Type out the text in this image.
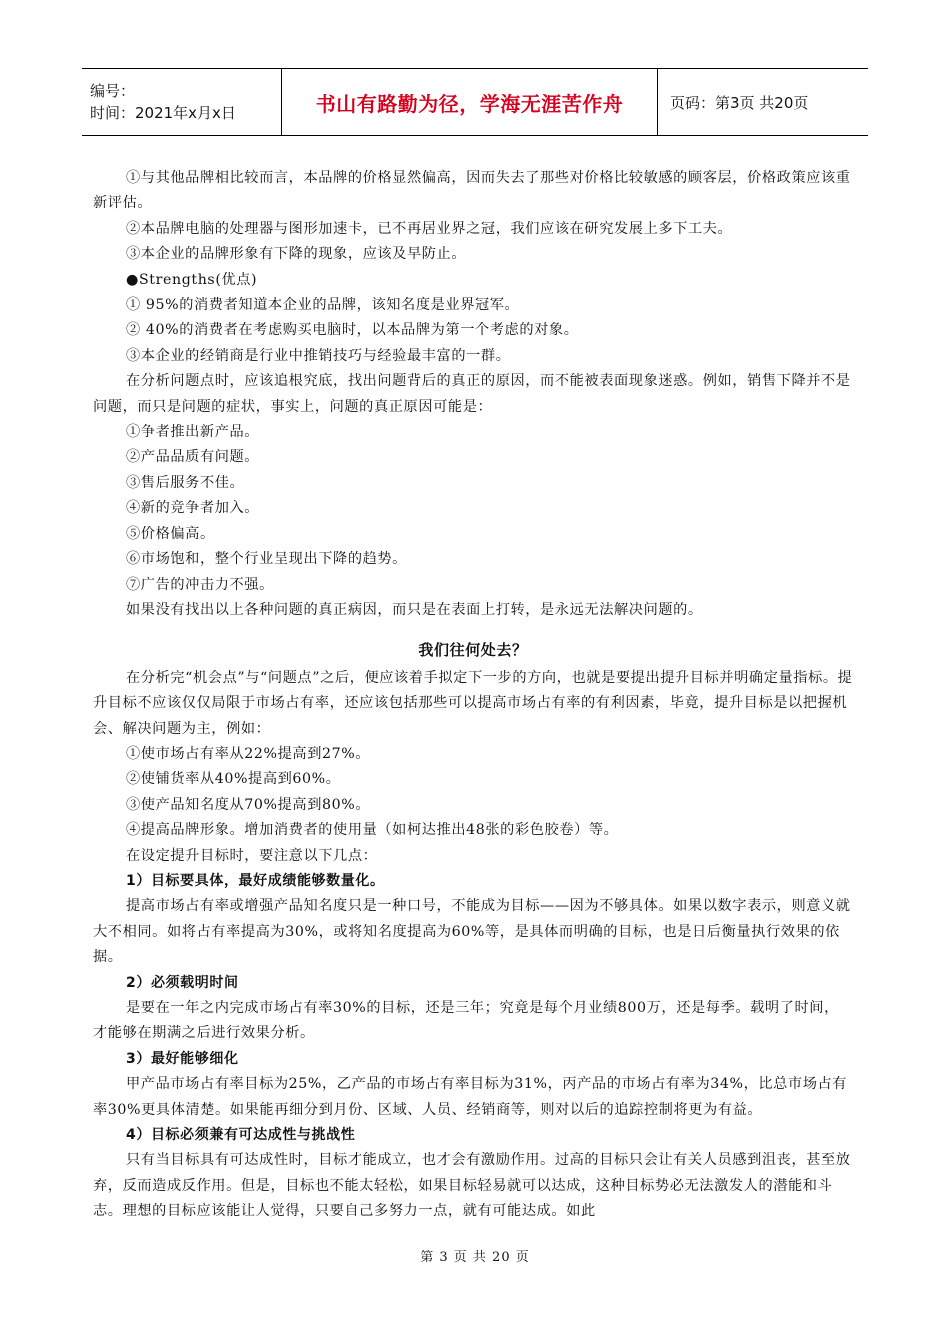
编号：
时间：2021年x月x日	书山有路勤为径，学海无涯苦作舟	页码：第3页 共20页

①与其他品牌相比较而言，本品牌的价格显然偏高，因而失去了那些对价格比较敏感的顾客层，价格政策应该重新评估。

②本品牌电脑的处理器与图形加速卡，已不再居业界之冠，我们应该在研究发展上多下工夫。

③本企业的品牌形象有下降的现象，应该及早防止。

●Strengths(优点)

① 95%的消费者知道本企业的品牌，该知名度是业界冠军。

② 40%的消费者在考虑购买电脑时，以本品牌为第一个考虑的对象。

③本企业的经销商是行业中推销技巧与经验最丰富的一群。

在分析问题点时，应该追根究底，找出问题背后的真正的原因，而不能被表面现象迷惑。例如，销售下降并不是问题，而只是问题的症状，事实上，问题的真正原因可能是：

①争者推出新产品。

②产品品质有问题。

③售后服务不佳。

④新的竞争者加入。

⑤价格偏高。

⑥市场饱和，整个行业呈现出下降的趋势。

⑦广告的冲击力不强。

如果没有找出以上各种问题的真正病因，而只是在表面上打转，是永远无法解决问题的。

我们往何处去？

在分析完“机会点”与“问题点”之后，便应该着手拟定下一步的方向，也就是要提出提升目标并明确定量指标。提升目标不应该仅仅局限于市场占有率，还应该包括那些可以提高市场占有率的有利因素，毕竟，提升目标是以把握机会、解决问题为主，例如：

①使市场占有率从22%提高到27%。

②使铺货率从40%提高到60%。

③使产品知名度从70%提高到80%。

④提高品牌形象。增加消费者的使用量（如柯达推出48张的彩色胶卷）等。

在设定提升目标时，要注意以下几点：

1）目标要具体，最好成绩能够数量化。

提高市场占有率或增强产品知名度只是一种口号，不能成为目标——因为不够具体。如果以数字表示，则意义就大不相同。如将占有率提高为30%，或将知名度提高为60%等，是具体而明确的目标，也是日后衡量执行效果的依据。

2）必须载明时间

是要在一年之内完成市场占有率30%的目标，还是三年；究竟是每个月业绩800万，还是每季。载明了时间，才能够在期满之后进行效果分析。

3）最好能够细化

甲产品市场占有率目标为25%，乙产品的市场占有率目标为31%，丙产品的市场占有率为34%，比总市场占有率30%更具体清楚。如果能再细分到月份、区域、人员、经销商等，则对以后的追踪控制将更为有益。

4）目标必须兼有可达成性与挑战性

只有当目标具有可达成性时，目标才能成立，也才会有激励作用。过高的目标只会让有关人员感到沮丧，甚至放弃，反而造成反作用。但是，目标也不能太轻松，如果目标轻易就可以达成，这种目标势必无法激发人的潜能和斗志。理想的目标应该能让人觉得，只要自己多努力一点，就有可能达成。如此

第 3 页 共 20 页
